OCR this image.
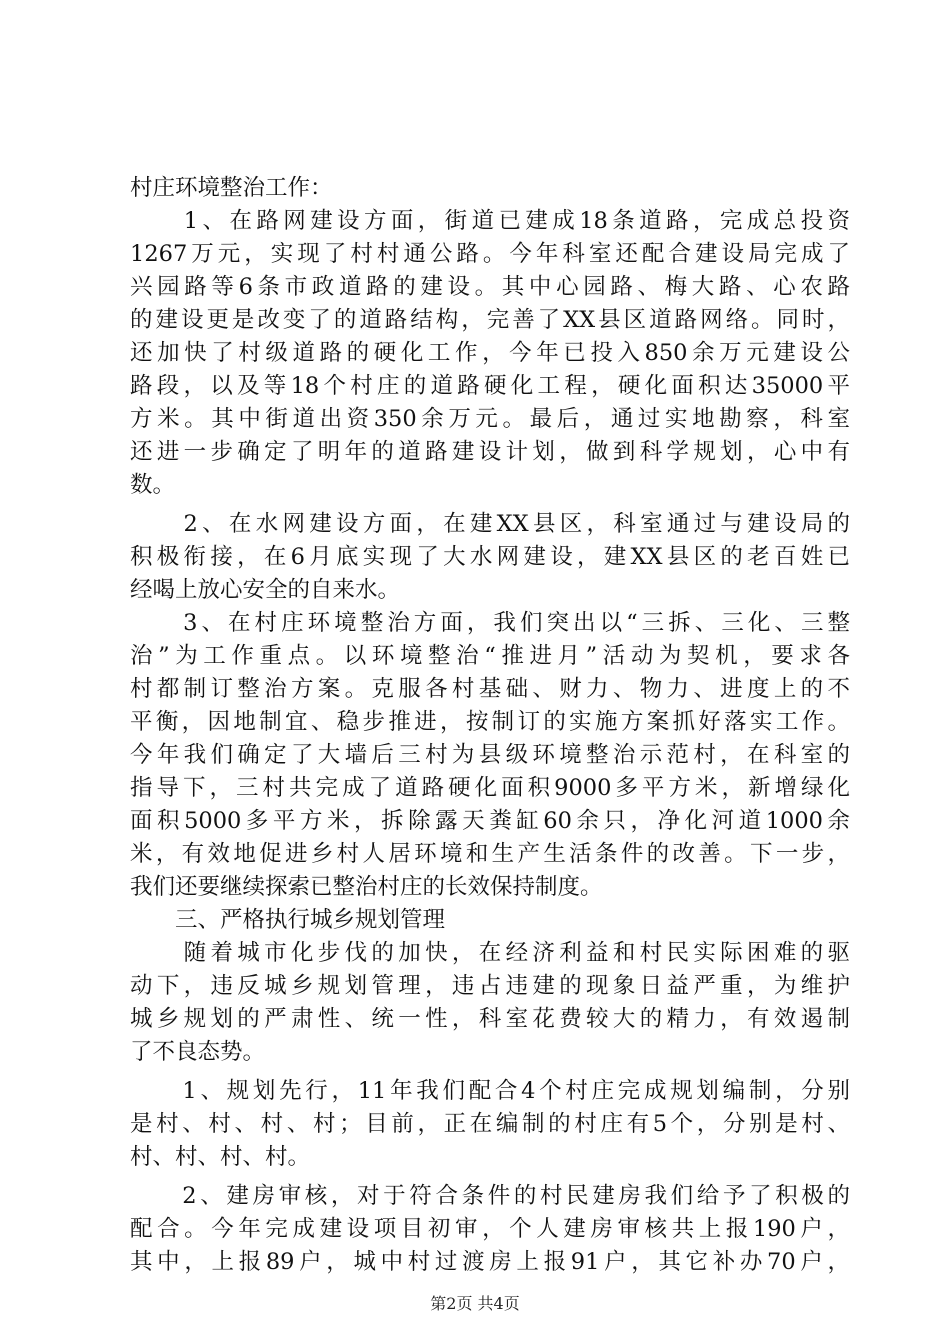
村庄环境整治工作：
　　1、在路网建设方面，街道已建成18条道路，完成总投资
1267万元，实现了村村通公路。今年科室还配合建设局完成了
兴园路等6条市政道路的建设。其中心园路、梅大路、心农路
的建设更是改变了的道路结构，完善了XX县区道路网络。同时，
还加快了村级道路的硬化工作，今年已投入850余万元建设公
路段，以及等18个村庄的道路硬化工程，硬化面积达35000平
方米。其中街道出资350余万元。最后，通过实地勘察，科室
还进一步确定了明年的道路建设计划，做到科学规划，心中有
数。
　　2、在水网建设方面，在建XX县区，科室通过与建设局的
积极衔接，在6月底实现了大水网建设，建XX县区的老百姓已
经喝上放心安全的自来水。
　　3、在村庄环境整治方面，我们突出以“三拆、三化、三整
治”为工作重点。以环境整治“推进月”活动为契机，要求各
村都制订整治方案。克服各村基础、财力、物力、进度上的不
平衡，因地制宜、稳步推进，按制订的实施方案抓好落实工作。
今年我们确定了大墙后三村为县级环境整治示范村，在科室的
指导下，三村共完成了道路硬化面积9000多平方米，新增绿化
面积5000多平方米，拆除露天粪缸60余只，净化河道1000余
米，有效地促进乡村人居环境和生产生活条件的改善。下一步，
我们还要继续探索已整治村庄的长效保持制度。
　　三、严格执行城乡规划管理
　　随着城市化步伐的加快，在经济利益和村民实际困难的驱
动下，违反城乡规划管理，违占违建的现象日益严重，为维护
城乡规划的严肃性、统一性，科室花费较大的精力，有效遏制
了不良态势。
　　1、规划先行，11年我们配合4个村庄完成规划编制，分别
是村、村、村、村；目前，正在编制的村庄有5个，分别是村、
村、村、村、村。
　　2、建房审核，对于符合条件的村民建房我们给予了积极的
配合。今年完成建设项目初审，个人建房审核共上报190户，
其中，上报89户，城中村过渡房上报91户，其它补办70户，
第2页 共4页
